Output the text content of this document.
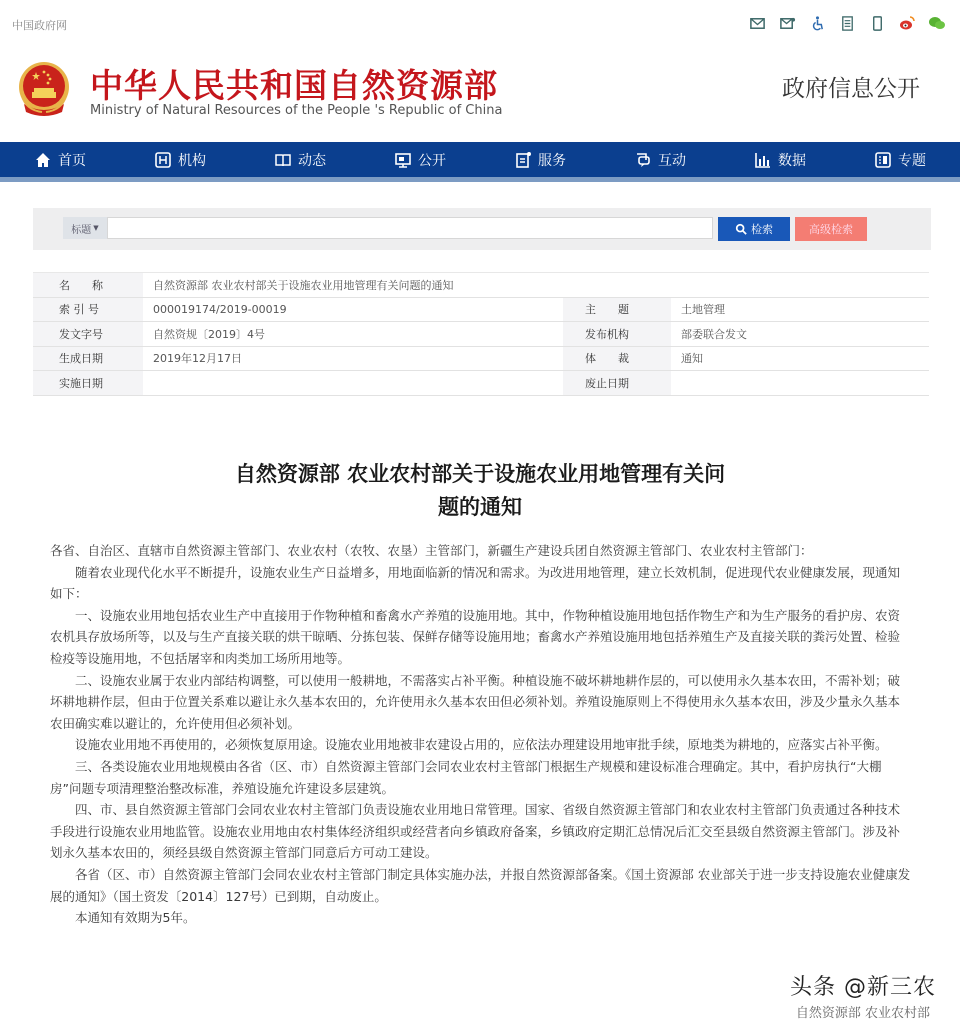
中国政府网
中华人民共和国自然资源部
Ministry of Natural Resources of the People 's Republic of China
政府信息公开
首页	机构	动态	公开	服务	互动	数据	专题
标题 ▼	检索	高级检索
名　　称	自然资源部 农业农村部关于设施农业用地管理有关问题的通知		
索 引 号	000019174/2019-00019	主　　题	土地管理
发文字号	自然资规〔2019〕4号	发布机构	部委联合发文
生成日期	2019年12月17日	体　　裁	通知
实施日期		废止日期	
自然资源部 农业农村部关于设施农业用地管理有关问
题的通知

各省、自治区、直辖市自然资源主管部门、农业农村（农牧、农垦）主管部门，新疆生产建设兵团自然资源主管部门、农业农村主管部门：

随着农业现代化水平不断提升，设施农业生产日益增多，用地面临新的情况和需求。为改进用地管理，建立长效机制，促进现代农业健康发展，现通知如下：

一、设施农业用地包括农业生产中直接用于作物种植和畜禽水产养殖的设施用地。其中，作物种植设施用地包括作物生产和为生产服务的看护房、农资农机具存放场所等，以及与生产直接关联的烘干晾晒、分拣包装、保鲜存储等设施用地；畜禽水产养殖设施用地包括养殖生产及直接关联的粪污处置、检验检疫等设施用地，不包括屠宰和肉类加工场所用地等。

二、设施农业属于农业内部结构调整，可以使用一般耕地，不需落实占补平衡。种植设施不破坏耕地耕作层的，可以使用永久基本农田，不需补划；破坏耕地耕作层，但由于位置关系难以避让永久基本农田的，允许使用永久基本农田但必须补划。养殖设施原则上不得使用永久基本农田，涉及少量永久基本农田确实难以避让的，允许使用但必须补划。

设施农业用地不再使用的，必须恢复原用途。设施农业用地被非农建设占用的，应依法办理建设用地审批手续，原地类为耕地的，应落实占补平衡。

三、各类设施农业用地规模由各省（区、市）自然资源主管部门会同农业农村主管部门根据生产规模和建设标准合理确定。其中，看护房执行“大棚房”问题专项清理整治整改标准，养殖设施允许建设多层建筑。

四、市、县自然资源主管部门会同农业农村主管部门负责设施农业用地日常管理。国家、省级自然资源主管部门和农业农村主管部门负责通过各种技术手段进行设施农业用地监管。设施农业用地由农村集体经济组织或经营者向乡镇政府备案，乡镇政府定期汇总情况后汇交至县级自然资源主管部门。涉及补划永久基本农田的，须经县级自然资源主管部门同意后方可动工建设。

各省（区、市）自然资源主管部门会同农业农村主管部门制定具体实施办法，并报自然资源部备案。《国土资源部 农业部关于进一步支持设施农业健康发展的通知》（国土资发〔2014〕127号）已到期，自动废止。

本通知有效期为5年。

头条 @新三农
自然资源部 农业农村部
